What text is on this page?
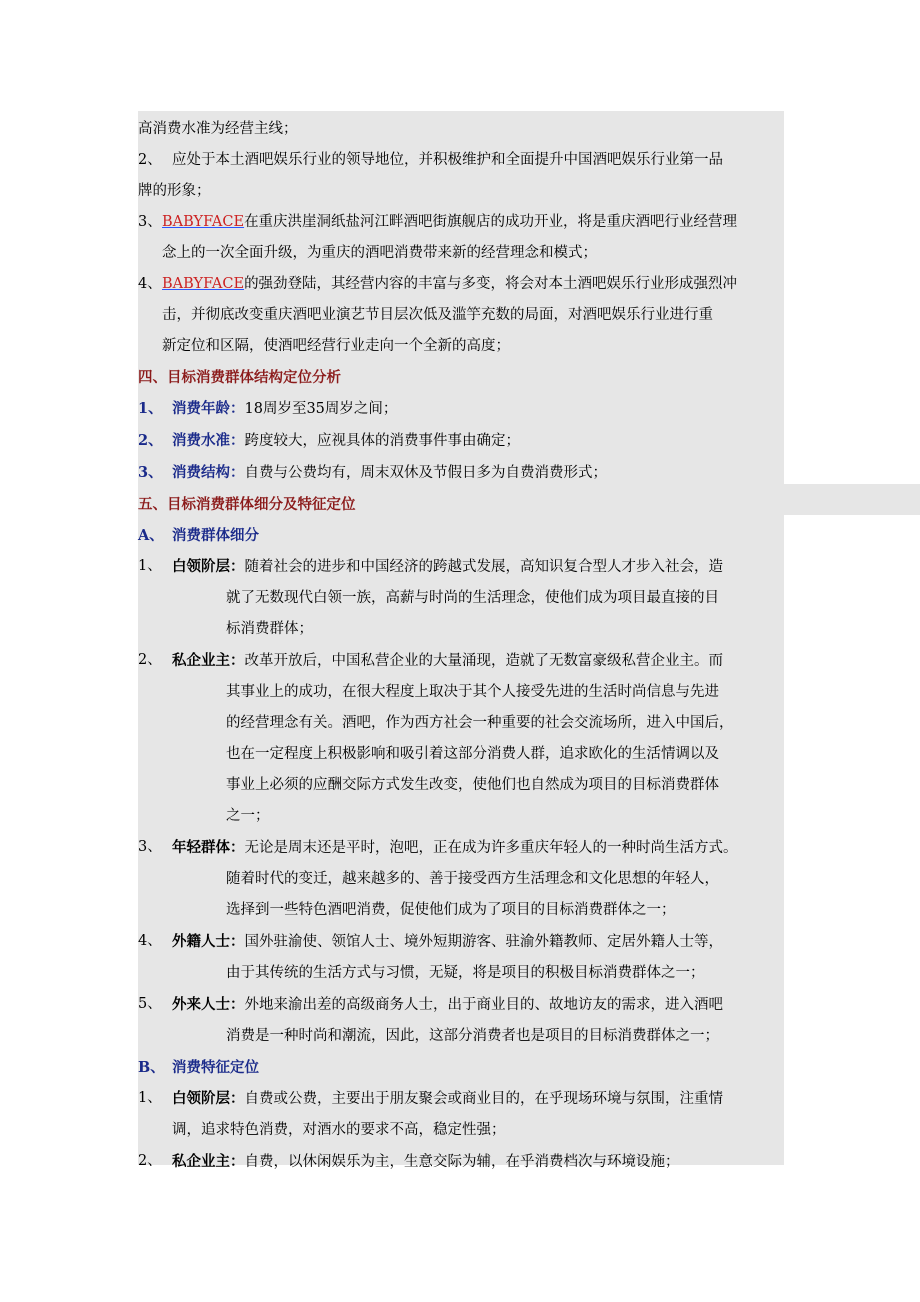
高消费水准为经营主线；

2、 应处于本土酒吧娱乐行业的领导地位，并积极维护和全面提升中国酒吧娱乐行业第一品

牌的形象；

3、 BABYFACE在重庆洪崖洞纸盐河江畔酒吧街旗舰店的成功开业，将是重庆酒吧行业经营理

念上的一次全面升级，为重庆的酒吧消费带来新的经营理念和模式；

4、 BABYFACE的强劲登陆，其经营内容的丰富与多变，将会对本土酒吧娱乐行业形成强烈冲

击，并彻底改变重庆酒吧业演艺节目层次低及滥竽充数的局面，对酒吧娱乐行业进行重

新定位和区隔，使酒吧经营行业走向一个全新的高度；

四、目标消费群体结构定位分析

1、 消费年龄：18周岁至35周岁之间；

2、 消费水准：跨度较大，应视具体的消费事件事由确定；

3、 消费结构：自费与公费均有，周末双休及节假日多为自费消费形式；

五、目标消费群体细分及特征定位

A、 消费群体细分

1、 白领阶层：随着社会的进步和中国经济的跨越式发展，高知识复合型人才步入社会，造

就了无数现代白领一族，高薪与时尚的生活理念，使他们成为项目最直接的目

标消费群体；

2、 私企业主：改革开放后，中国私营企业的大量涌现，造就了无数富豪级私营企业主。而

其事业上的成功，在很大程度上取决于其个人接受先进的生活时尚信息与先进

的经营理念有关。酒吧，作为西方社会一种重要的社会交流场所，进入中国后，

也在一定程度上积极影响和吸引着这部分消费人群，追求欧化的生活情调以及

事业上必须的应酬交际方式发生改变，使他们也自然成为项目的目标消费群体

之一；

3、 年轻群体：无论是周末还是平时，泡吧，正在成为许多重庆年轻人的一种时尚生活方式。

随着时代的变迁，越来越多的、善于接受西方生活理念和文化思想的年轻人，

选择到一些特色酒吧消费，促使他们成为了项目的目标消费群体之一；

4、 外籍人士：国外驻渝使、领馆人士、境外短期游客、驻渝外籍教师、定居外籍人士等，

由于其传统的生活方式与习惯，无疑，将是项目的积极目标消费群体之一；

5、 外来人士：外地来渝出差的高级商务人士，出于商业目的、故地访友的需求，进入酒吧

消费是一种时尚和潮流，因此，这部分消费者也是项目的目标消费群体之一；

B、 消费特征定位

1、 白领阶层：自费或公费，主要出于朋友聚会或商业目的，在乎现场环境与氛围，注重情

调，追求特色消费，对酒水的要求不高，稳定性强；

2、 私企业主：自费，以休闲娱乐为主，生意交际为辅，在乎消费档次与环境设施；
